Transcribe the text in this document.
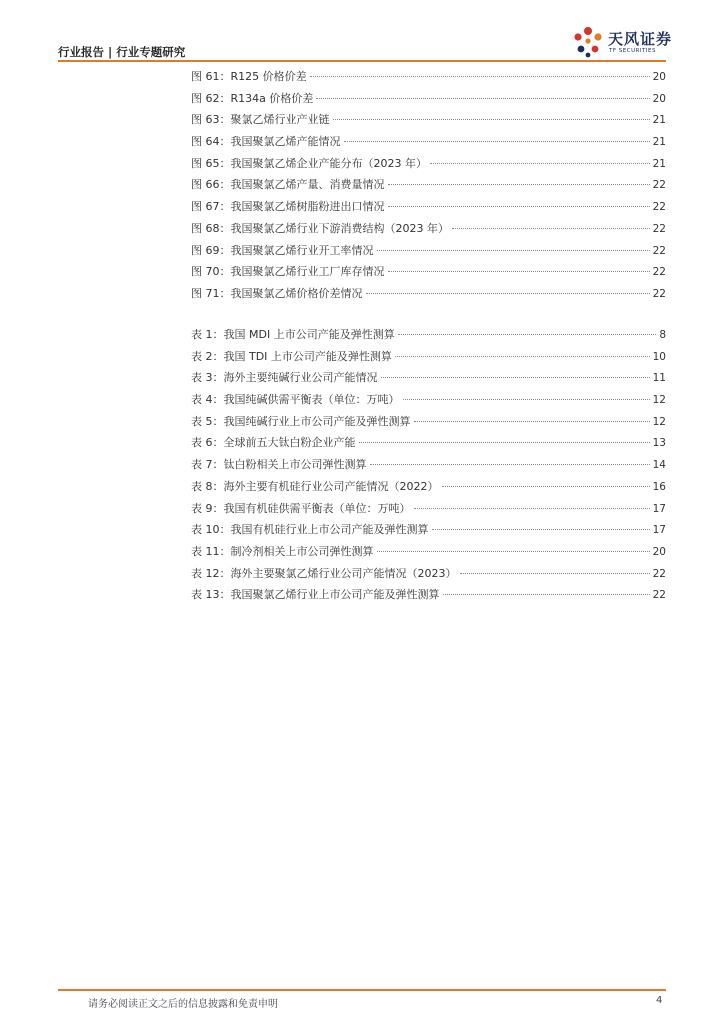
行业报告 | 行业专题研究
天风证券
TF SECURITIES
图 61：R125 价格价差	20
图 62：R134a 价格价差	20
图 63：聚氯乙烯行业产业链	21
图 64：我国聚氯乙烯产能情况	21
图 65：我国聚氯乙烯企业产能分布（2023 年）	21
图 66：我国聚氯乙烯产量、消费量情况	22
图 67：我国聚氯乙烯树脂粉进出口情况	22
图 68：我国聚氯乙烯行业下游消费结构（2023 年）	22
图 69：我国聚氯乙烯行业开工率情况	22
图 70：我国聚氯乙烯行业工厂库存情况	22
图 71：我国聚氯乙烯价格价差情况	22
表 1：我国 MDI 上市公司产能及弹性测算	8
表 2：我国 TDI 上市公司产能及弹性测算	10
表 3：海外主要纯碱行业公司产能情况	11
表 4：我国纯碱供需平衡表（单位：万吨）	12
表 5：我国纯碱行业上市公司产能及弹性测算	12
表 6：全球前五大钛白粉企业产能	13
表 7：钛白粉相关上市公司弹性测算	14
表 8：海外主要有机硅行业公司产能情况（2022）	16
表 9：我国有机硅供需平衡表（单位：万吨）	17
表 10：我国有机硅行业上市公司产能及弹性测算	17
表 11：制冷剂相关上市公司弹性测算	20
表 12：海外主要聚氯乙烯行业公司产能情况（2023）	22
表 13：我国聚氯乙烯行业上市公司产能及弹性测算	22
请务必阅读正文之后的信息披露和免责申明	4
